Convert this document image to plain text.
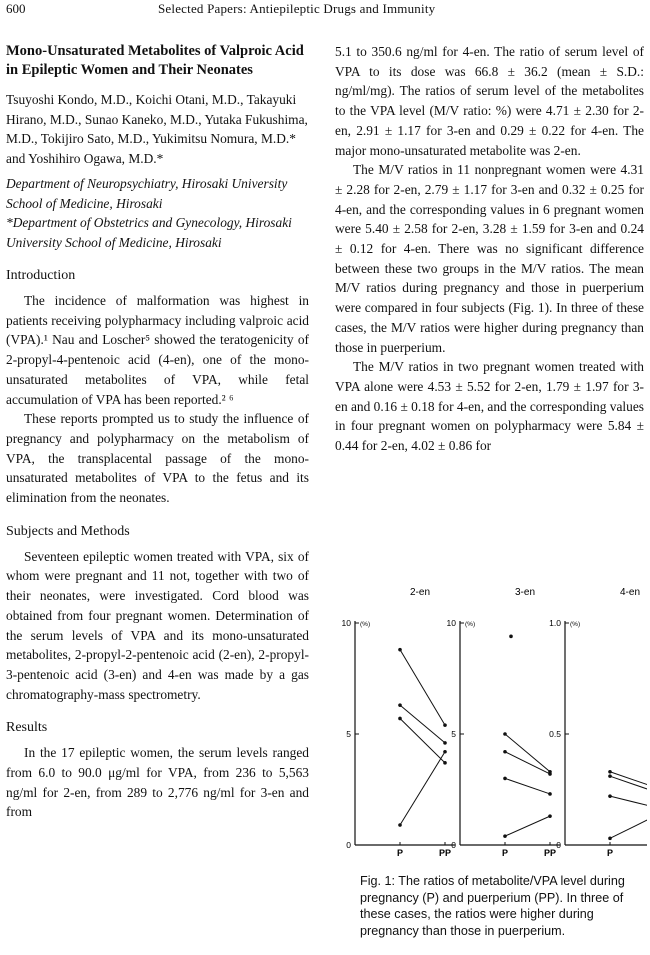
600	Selected Papers: Antiepileptic Drugs and Immunity
Mono-Unsaturated Metabolites of Valproic Acid in Epileptic Women and Their Neonates
Tsuyoshi Kondo, M.D., Koichi Otani, M.D., Takayuki Hirano, M.D., Sunao Kaneko, M.D., Yutaka Fukushima, M.D., Tokijiro Sato, M.D., Yukimitsu Nomura, M.D.* and Yoshihiro Ogawa, M.D.*
Department of Neuropsychiatry, Hirosaki University School of Medicine, Hirosaki
*Department of Obstetrics and Gynecology, Hirosaki University School of Medicine, Hirosaki
Introduction

The incidence of malformation was highest in patients receiving polypharmacy including valproic acid (VPA).¹ Nau and Loscher⁵ showed the teratogenicity of 2-propyl-4-pentenoic acid (4-en), one of the mono-unsaturated metabolites of VPA, while fetal accumulation of VPA has been reported.² ⁶

These reports prompted us to study the influence of pregnancy and polypharmacy on the metabolism of VPA, the transplacental passage of the mono-unsaturated metabolites of VPA to the fetus and its elimination from the neonates.

Subjects and Methods

Seventeen epileptic women treated with VPA, six of whom were pregnant and 11 not, together with two of their neonates, were investigated. Cord blood was obtained from four pregnant women. Determination of the serum levels of VPA and its mono-unsaturated metabolites, 2-propyl-2-pentenoic acid (2-en), 2-propyl-3-pentenoic acid (3-en) and 4-en was made by a gas chromatography-mass spectrometry.

Results

In the 17 epileptic women, the serum levels ranged from 6.0 to 90.0 μg/ml for VPA, from 236 to 5,563 ng/ml for 2-en, from 289 to 2,776 ng/ml for 3-en and from

5.1 to 350.6 ng/ml for 4-en. The ratio of serum level of VPA to its dose was 66.8 ± 36.2 (mean ± S.D.: ng/ml/mg). The ratios of serum level of the metabolites to the VPA level (M/V ratio: %) were 4.71 ± 2.30 for 2-en, 2.91 ± 1.17 for 3-en and 0.29 ± 0.22 for 4-en. The major mono-unsaturated metabolite was 2-en.

The M/V ratios in 11 nonpregnant women were 4.31 ± 2.28 for 2-en, 2.79 ± 1.17 for 3-en and 0.32 ± 0.25 for 4-en, and the corresponding values in 6 pregnant women were 5.40 ± 2.58 for 2-en, 3.28 ± 1.59 for 3-en and 0.24 ± 0.12 for 4-en. There was no significant difference between these two groups in the M/V ratios. The mean M/V ratios during pregnancy and those in puerperium were compared in four subjects (Fig. 1). In three of these cases, the M/V ratios were higher during pregnancy than those in puerperium.

The M/V ratios in two pregnant women treated with VPA alone were 4.53 ± 5.52 for 2-en, 1.79 ± 1.97 for 3-en and 0.16 ± 0.18 for 4-en, and the corresponding values in four pregnant women on polypharmacy were 5.84 ± 0.44 for 2-en, 4.02 ± 0.86 for

2-en
0
5
10 (%)
P	PP
3-en
0
5
10 (%)
P	PP
4-en
0
0.5
1.0 (%)
P
Fig. 1: The ratios of metabolite/VPA level during pregnancy (P) and puerperium (PP). In three of these cases, the ratios were higher during pregnancy than those in puerperium.
